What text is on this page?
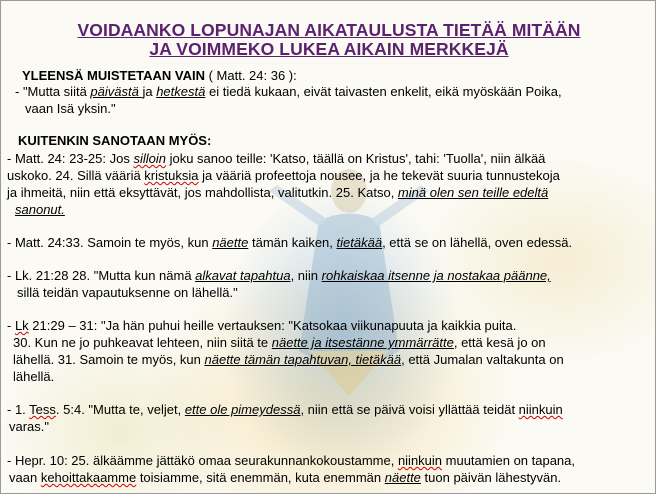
VOIDAANKO LOPUNAJAN AIKATAULUSTA TIETÄÄ MITÄÄN
JA VOIMMEKO LUKEA AIKAIN MERKKEJÄ
YLEENSÄ MUISTETAAN VAIN ( Matt. 24: 36 ):
- "Mutta siitä päivästä ja hetkestä ei tiedä kukaan, eivät taivasten enkelit, eikä myöskään Poika,
vaan Isä yksin."
KUITENKIN SANOTAAN MYÖS:
- Matt. 24: 23-25: Jos silloin joku sanoo teille: 'Katso, täällä on Kristus', tahi: 'Tuolla', niin älkää
uskoko. 24. Sillä vääriä kristuksia ja vääriä profeettoja nousee, ja he tekevät suuria tunnustekoja
ja ihmeitä, niin että eksyttävät, jos mahdollista, valitutkin. 25. Katso, minä olen sen teille edeltä
sanonut.
- Matt. 24:33. Samoin te myös, kun näette tämän kaiken, tietäkää, että se on lähellä, oven edessä.
- Lk. 21:28 28. "Mutta kun nämä alkavat tapahtua, niin rohkaiskaa itsenne ja nostakaa päänne,
sillä teidän vapautuksenne on lähellä."
- Lk 21:29 – 31: "Ja hän puhui heille vertauksen: "Katsokaa viikunapuuta ja kaikkia puita.
30. Kun ne jo puhkeavat lehteen, niin siitä te näette ja itsestänne ymmärrätte, että kesä jo on
lähellä. 31. Samoin te myös, kun näette tämän tapahtuvan, tietäkää, että Jumalan valtakunta on
lähellä.
- 1. Tess. 5:4. "Mutta te, veljet, ette ole pimeydessä, niin että se päivä voisi yllättää teidät niinkuin
varas."
- Hepr. 10: 25. älkäämme jättäkö omaa seurakunnankokoustamme, niinkuin muutamien on tapana,
vaan kehoittakaamme toisiamme, sitä enemmän, kuta enemmän näette tuon päivän lähestyvän.
